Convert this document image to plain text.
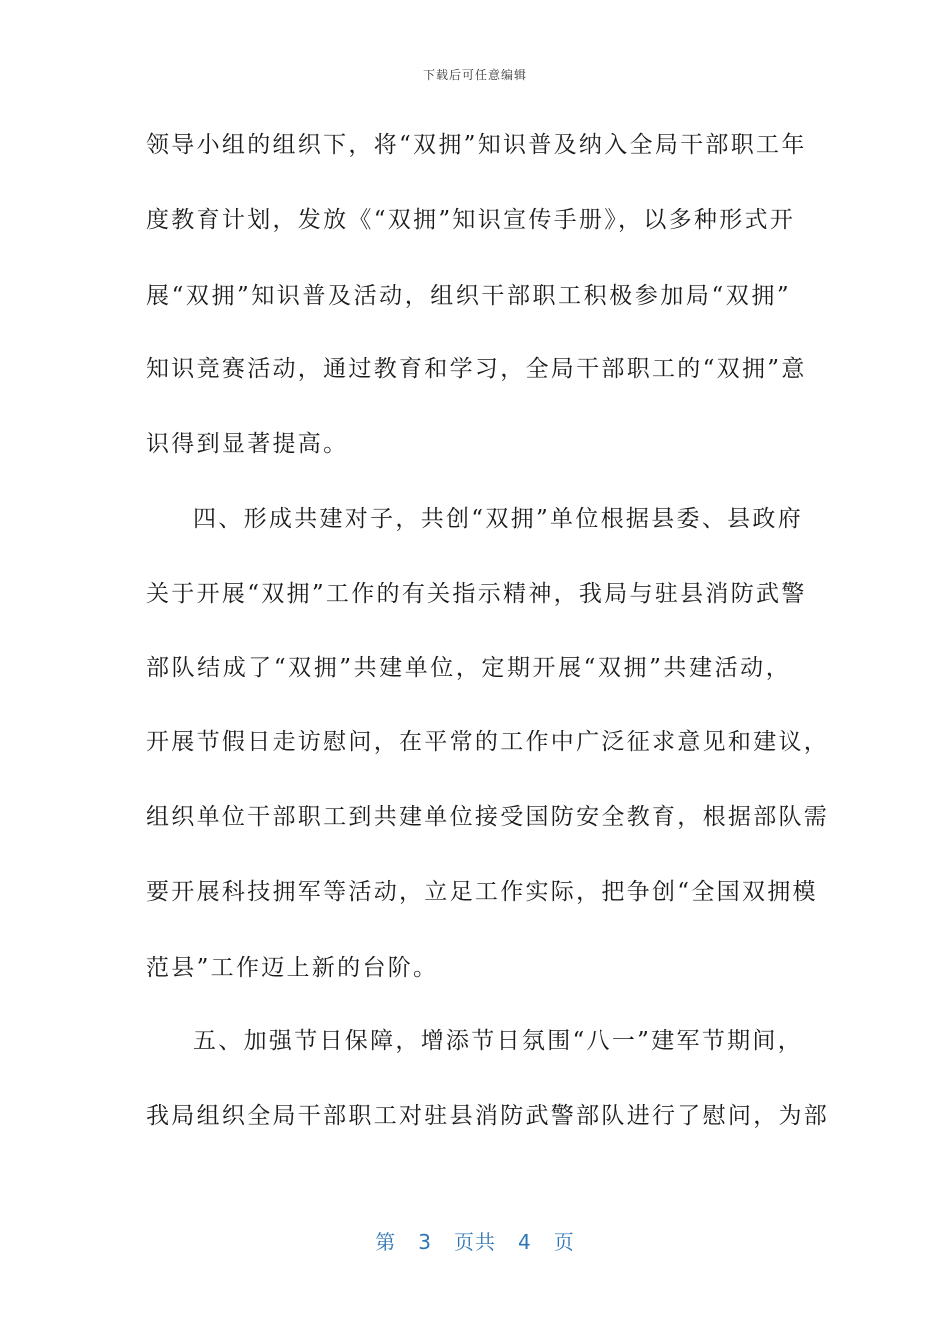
下载后可任意编辑
领导小组的组织下，将“双拥”知识普及纳入全局干部职工年
度教育计划，发放《“双拥”知识宣传手册》，以多种形式开
展“双拥”知识普及活动，组织干部职工积极参加局“双拥”
知识竞赛活动，通过教育和学习，全局干部职工的“双拥”意
识得到显著提高。
四、形成共建对子，共创“双拥”单位根据县委、县政府
关于开展“双拥”工作的有关指示精神，我局与驻县消防武警
部队结成了“双拥”共建单位，定期开展“双拥”共建活动，
开展节假日走访慰问，在平常的工作中广泛征求意见和建议，
组织单位干部职工到共建单位接受国防安全教育，根据部队需
要开展科技拥军等活动，立足工作实际，把争创“全国双拥模
范县”工作迈上新的台阶。
五、加强节日保障，增添节日氛围“八一”建军节期间，
我局组织全局干部职工对驻县消防武警部队进行了慰问，为部
第 3 页共 4 页
